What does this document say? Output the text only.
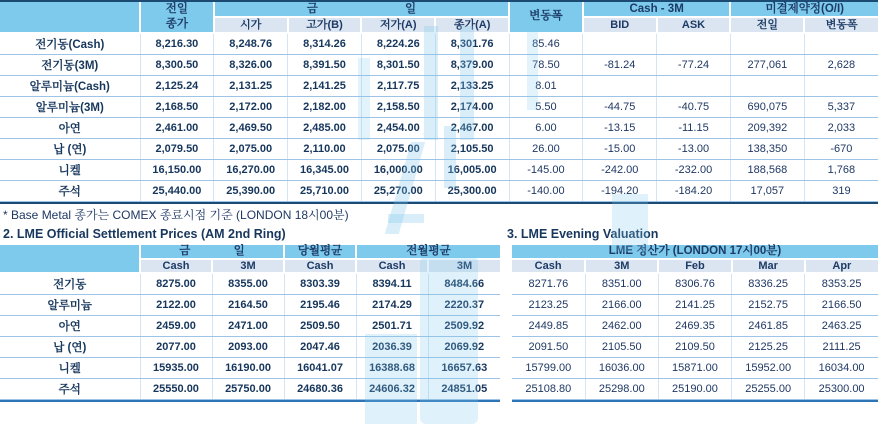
	전일
종가	금 일				변동폭	Cash - 3M		미결제약정(O/I)	
		시가	고가(B)	저가(A)	종가(A)		BID	ASK	전일	변동폭
전기동(Cash)	8,216.30	8,248.76	8,314.26	8,224.26	8,301.76	85.46				
전기동(3M)	8,300.50	8,326.00	8,391.50	8,301.50	8,379.00	78.50	-81.24	-77.24	277,061	2,628
알루미늄(Cash)	2,125.24	2,131.25	2,141.25	2,117.75	2,133.25	8.01				
알루미늄(3M)	2,168.50	2,172.00	2,182.00	2,158.50	2,174.00	5.50	-44.75	-40.75	690,075	5,337
아연	2,461.00	2,469.50	2,485.00	2,454.00	2,467.00	6.00	-13.15	-11.15	209,392	2,033
납 (연)	2,079.50	2,075.00	2,110.00	2,075.00	2,105.50	26.00	-15.00	-13.00	138,350	-670
니켈	16,150.00	16,270.00	16,345.00	16,000.00	16,005.00	-145.00	-242.00	-232.00	188,568	1,768
주석	25,440.00	25,390.00	25,710.00	25,270.00	25,300.00	-140.00	-194.20	-184.20	17,057	319
* Base Metal 종가는 COMEX 종료시점 기준 (LONDON 18시00분)
2. LME Official Settlement Prices (AM 2nd Ring)	3. LME Evening Valuation
	금 일		당월평균	전월평균	
	Cash	3M	Cash	Cash	3M
전기동	8275.00	8355.00	8303.39	8394.11	8484.66
알루미늄	2122.00	2164.50	2195.46	2174.29	2220.37
아연	2459.00	2471.00	2509.50	2501.71	2509.92
납 (연)	2077.00	2093.00	2047.46	2036.39	2069.92
니켈	15935.00	16190.00	16041.07	16388.68	16657.63
주석	25550.00	25750.00	24680.36	24606.32	24851.05
LME 정산가 (LONDON 17시00분)				
Cash	3M	Feb	Mar	Apr
8271.76	8351.00	8306.76	8336.25	8353.25
2123.25	2166.00	2141.25	2152.75	2166.50
2449.85	2462.00	2469.35	2461.85	2463.25
2091.50	2105.50	2109.50	2125.25	2111.25
15799.00	16036.00	15871.00	15952.00	16034.00
25108.80	25298.00	25190.00	25255.00	25300.00
